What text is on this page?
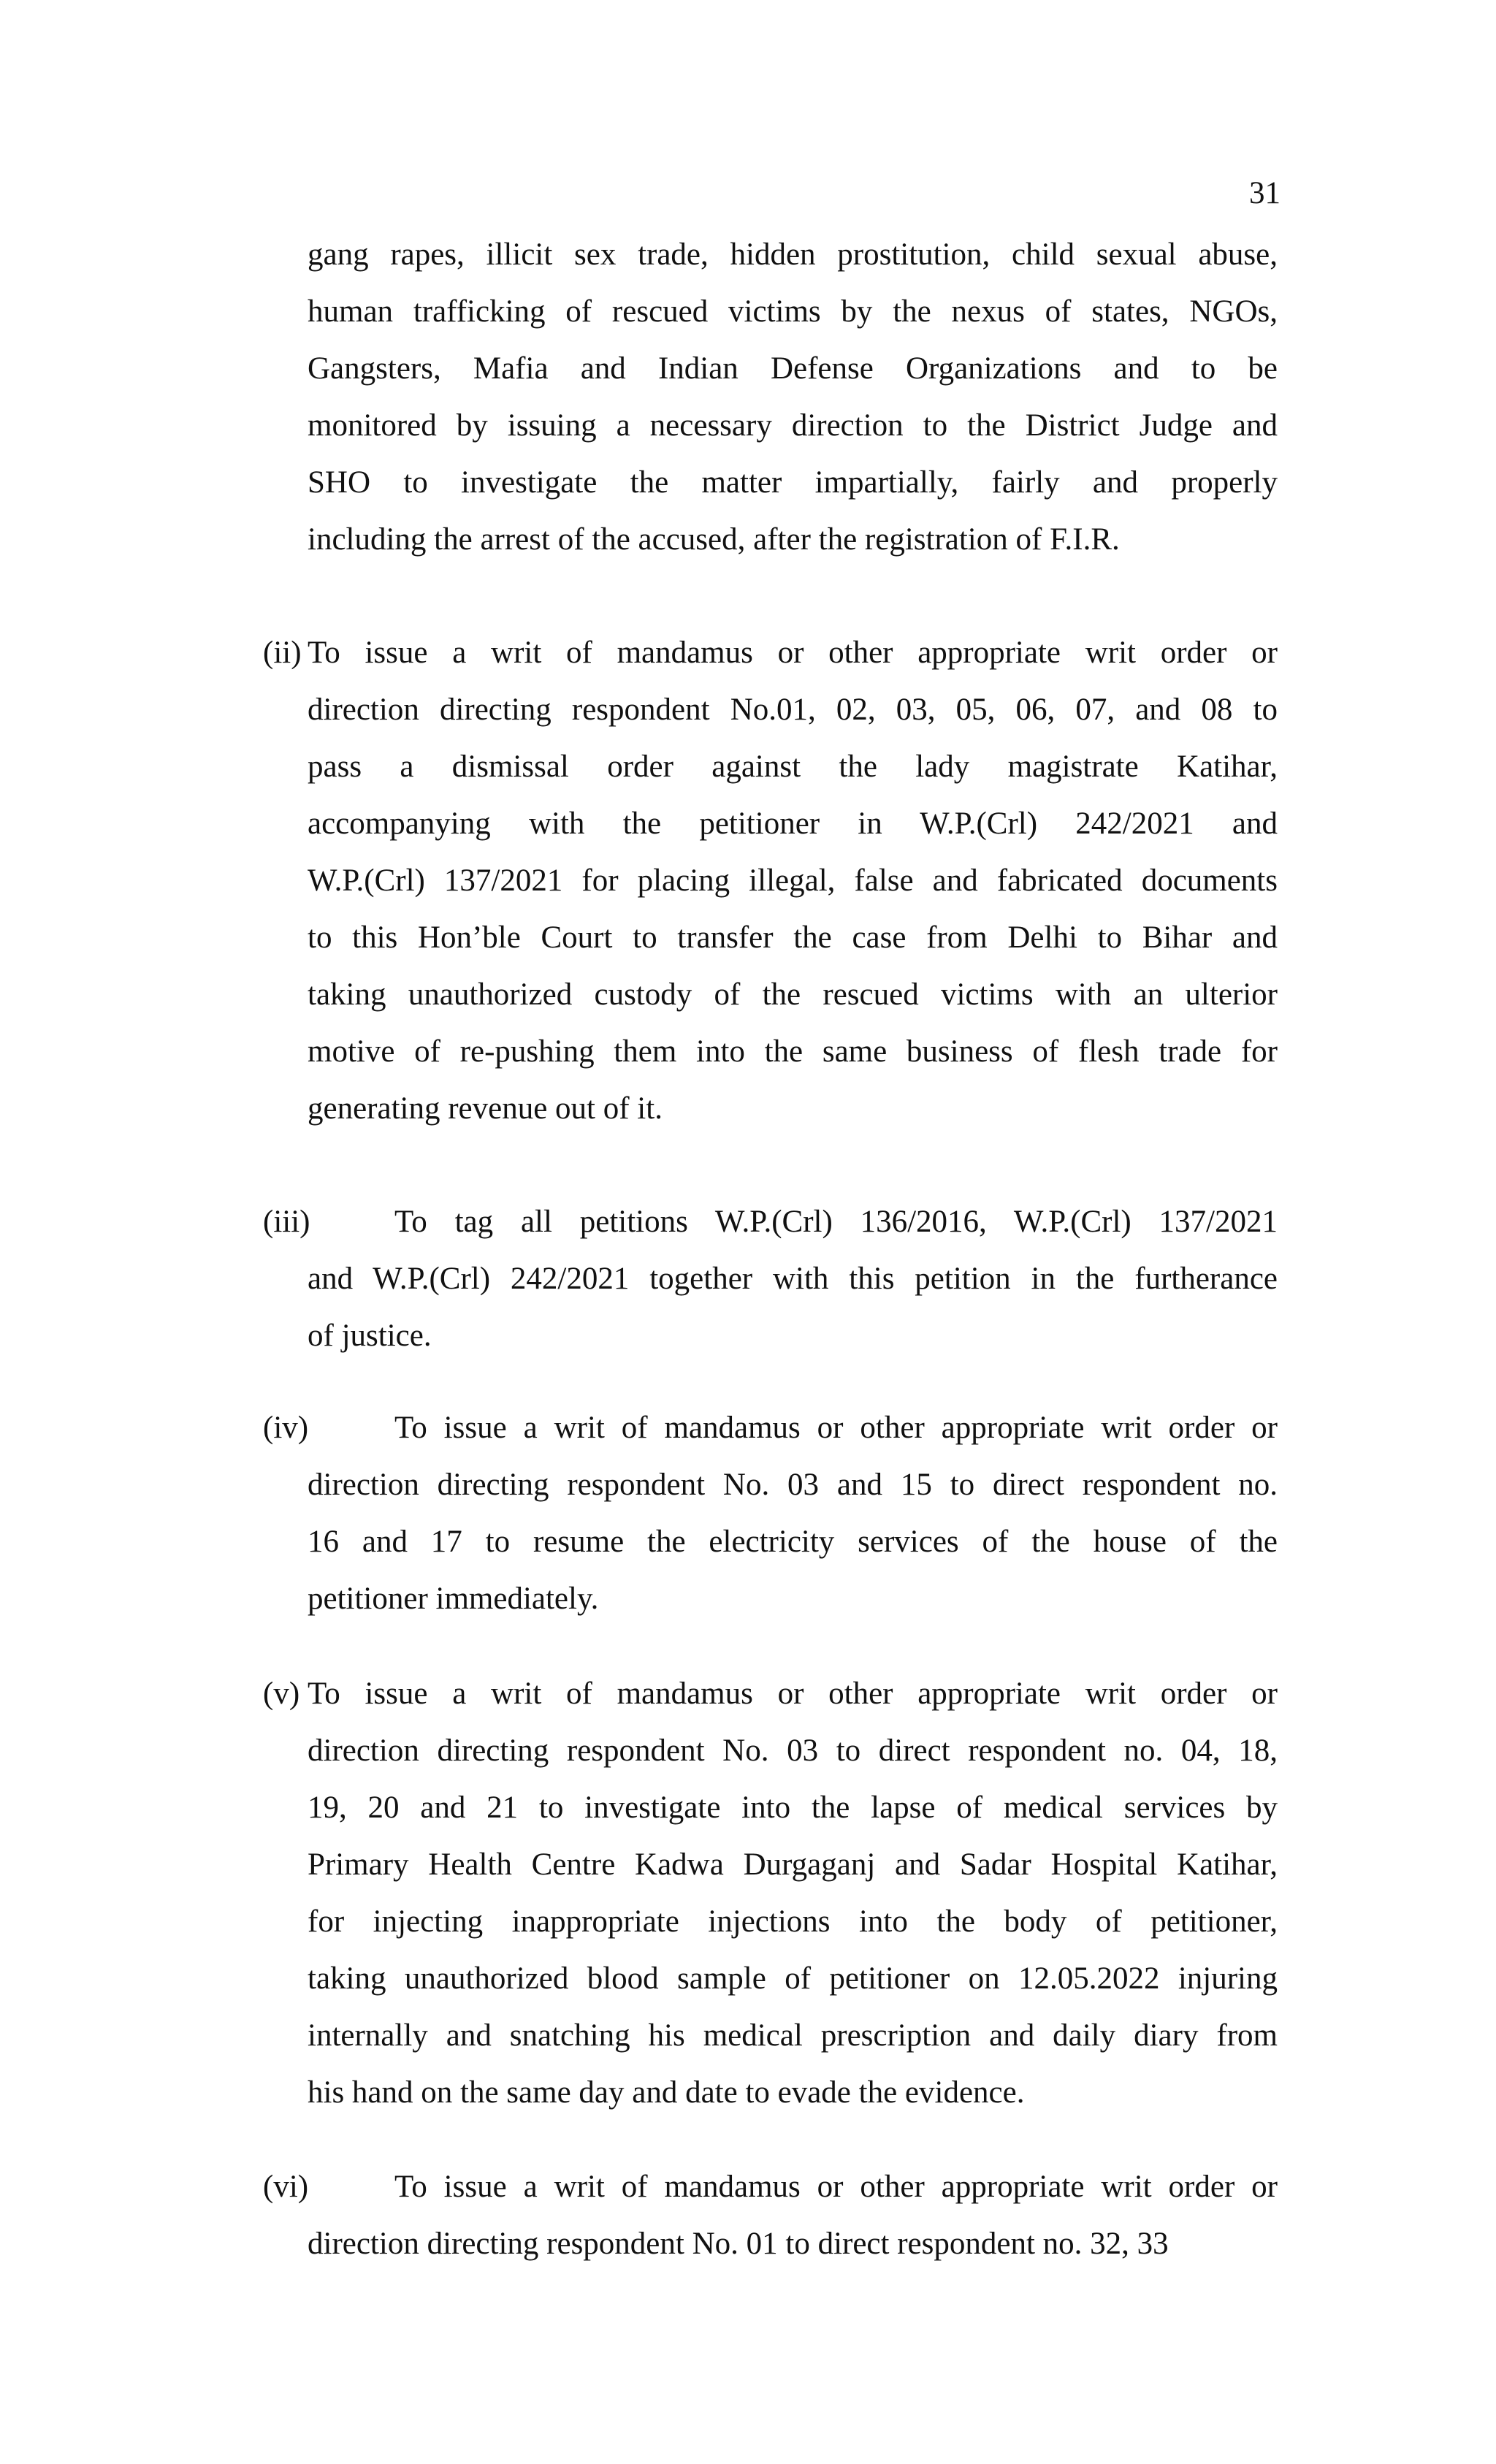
31
gang rapes, illicit sex trade, hidden prostitution, child sexual abuse,
human trafficking of rescued victims by the nexus of states, NGOs,
Gangsters, Mafia and Indian Defense Organizations and to be
monitored by issuing a necessary direction to the District Judge and
SHO to investigate the matter impartially, fairly and properly
including the arrest of the accused, after the registration of F.I.R.
(ii) To issue a writ of mandamus or other appropriate writ order or
direction directing respondent No.01, 02, 03, 05, 06, 07, and 08 to
pass a dismissal order against the lady magistrate Katihar,
accompanying with the petitioner in W.P.(Crl) 242/2021 and
W.P.(Crl) 137/2021 for placing illegal, false and fabricated documents
to this Hon’ble Court to transfer the case from Delhi to Bihar and
taking unauthorized custody of the rescued victims with an ulterior
motive of re-pushing them into the same business of flesh trade for
generating revenue out of it.
(iii)	To tag all petitions W.P.(Crl) 136/2016, W.P.(Crl) 137/2021
and W.P.(Crl) 242/2021 together with this petition in the furtherance
of justice.
(iv)	To issue a writ of mandamus or other appropriate writ order or
direction directing respondent No. 03 and 15 to direct respondent no.
16 and 17 to resume the electricity services of the house of the
petitioner immediately.
(v) To issue a writ of mandamus or other appropriate writ order or
direction directing respondent No. 03 to direct respondent no. 04, 18,
19, 20 and 21 to investigate into the lapse of medical services by
Primary Health Centre Kadwa Durgaganj and Sadar Hospital Katihar,
for injecting inappropriate injections into the body of petitioner,
taking unauthorized blood sample of petitioner on 12.05.2022 injuring
internally and snatching his medical prescription and daily diary from
his hand on the same day and date to evade the evidence.
(vi)	To issue a writ of mandamus or other appropriate writ order or
direction directing respondent No. 01 to direct respondent no. 32, 33
